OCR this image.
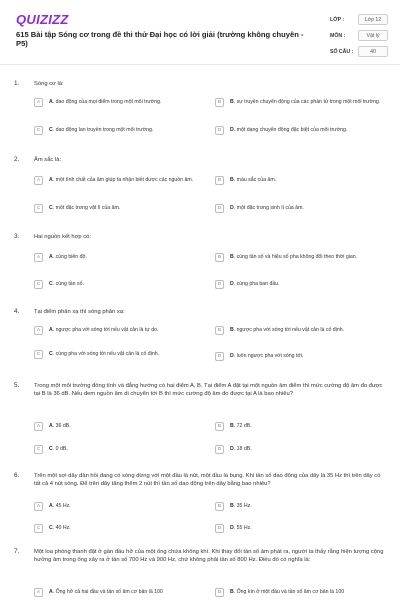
QUIZIZZ
615 Bài tập Sóng cơ trong đề thi thử Đại học có lời giải (trường không chuyên - P5)
LỚP :	Lớp 12
MÔN :	Vật lý
SỐ CÂU :	40
1.	Sóng cơ là:
A	A. dao động của mọi điểm trong một môi trường.	B	B. sự truyền chuyển động của các phần tử trong một môi trường.
C	C. dao động lan truyền trong một môi trường.	D	D. một dạng chuyển động đặc biệt của môi trường.
2.	Âm sắc là:
A	A. một tính chất của âm giúp ta nhận biết được các nguồn âm.	B	B. màu sắc của âm.
C	C. một đặc trưng vật lí của âm.	D	D. một đặc trưng sinh lí của âm.
3.	Hai nguồn kết hợp có:
A	A. cùng biên độ.	B	B. cùng tần số và hiệu số pha không đổi theo thời gian.
C	C. cùng tần số.	D	D. cùng pha ban đầu.
4.	Tại điểm phản xạ thì sóng phản xạ:
A	A. ngược pha với sóng tới nếu vật cản là tự do.	B	B. ngược pha với sóng tới nếu vật cản là cố định.
C	C. cùng pha với sóng tới nếu vật cản là cố định.	D	D. luôn ngược pha với sóng tới.
5.	Trong một môi trường đồng tính và đẳng hướng có hai điểm A, B. Tại điểm A đặt tại một nguồn âm điểm thì mức cường độ âm đo được tại B là 36 dB. Nếu đem nguồn âm di chuyển tới B thì mức cường độ âm đo được tại A là bao nhiêu?
A	A. 36 dB.	B	B. 72 dB.
C	C. 0 dB.	D	D. 18 dB.
6.	Trên một sợi dây đàn hồi đang có sóng dừng với một đầu là nút, một đầu là bụng. Khi tần số dao động của dây là 35 Hz thì trên dây có tất cả 4 nút sóng. Để trên dây tăng thêm 2 nút thì tần số dao động trên dây bằng bao nhiêu?
A	A. 45 Hz.	B	B. 35 Hz.
C	C. 40 Hz.	D	D. 55 Hz.
7.	Một loa phóng thanh đặt ở gần đầu hở của một ống chứa không khí. Khi thay đổi tần số âm phát ra, người ta thấy rằng hiện tượng cộng hưởng âm trong ống xảy ra ở tần số 700 Hz và 900 Hz, chứ không phải tần số 800 Hz. Điều đó có nghĩa là:
A	A. Ống hở cả hai đầu và tần số âm cơ bản là 100	B	B. Ống kín ở một đầu và tần số âm cơ bản là 100
